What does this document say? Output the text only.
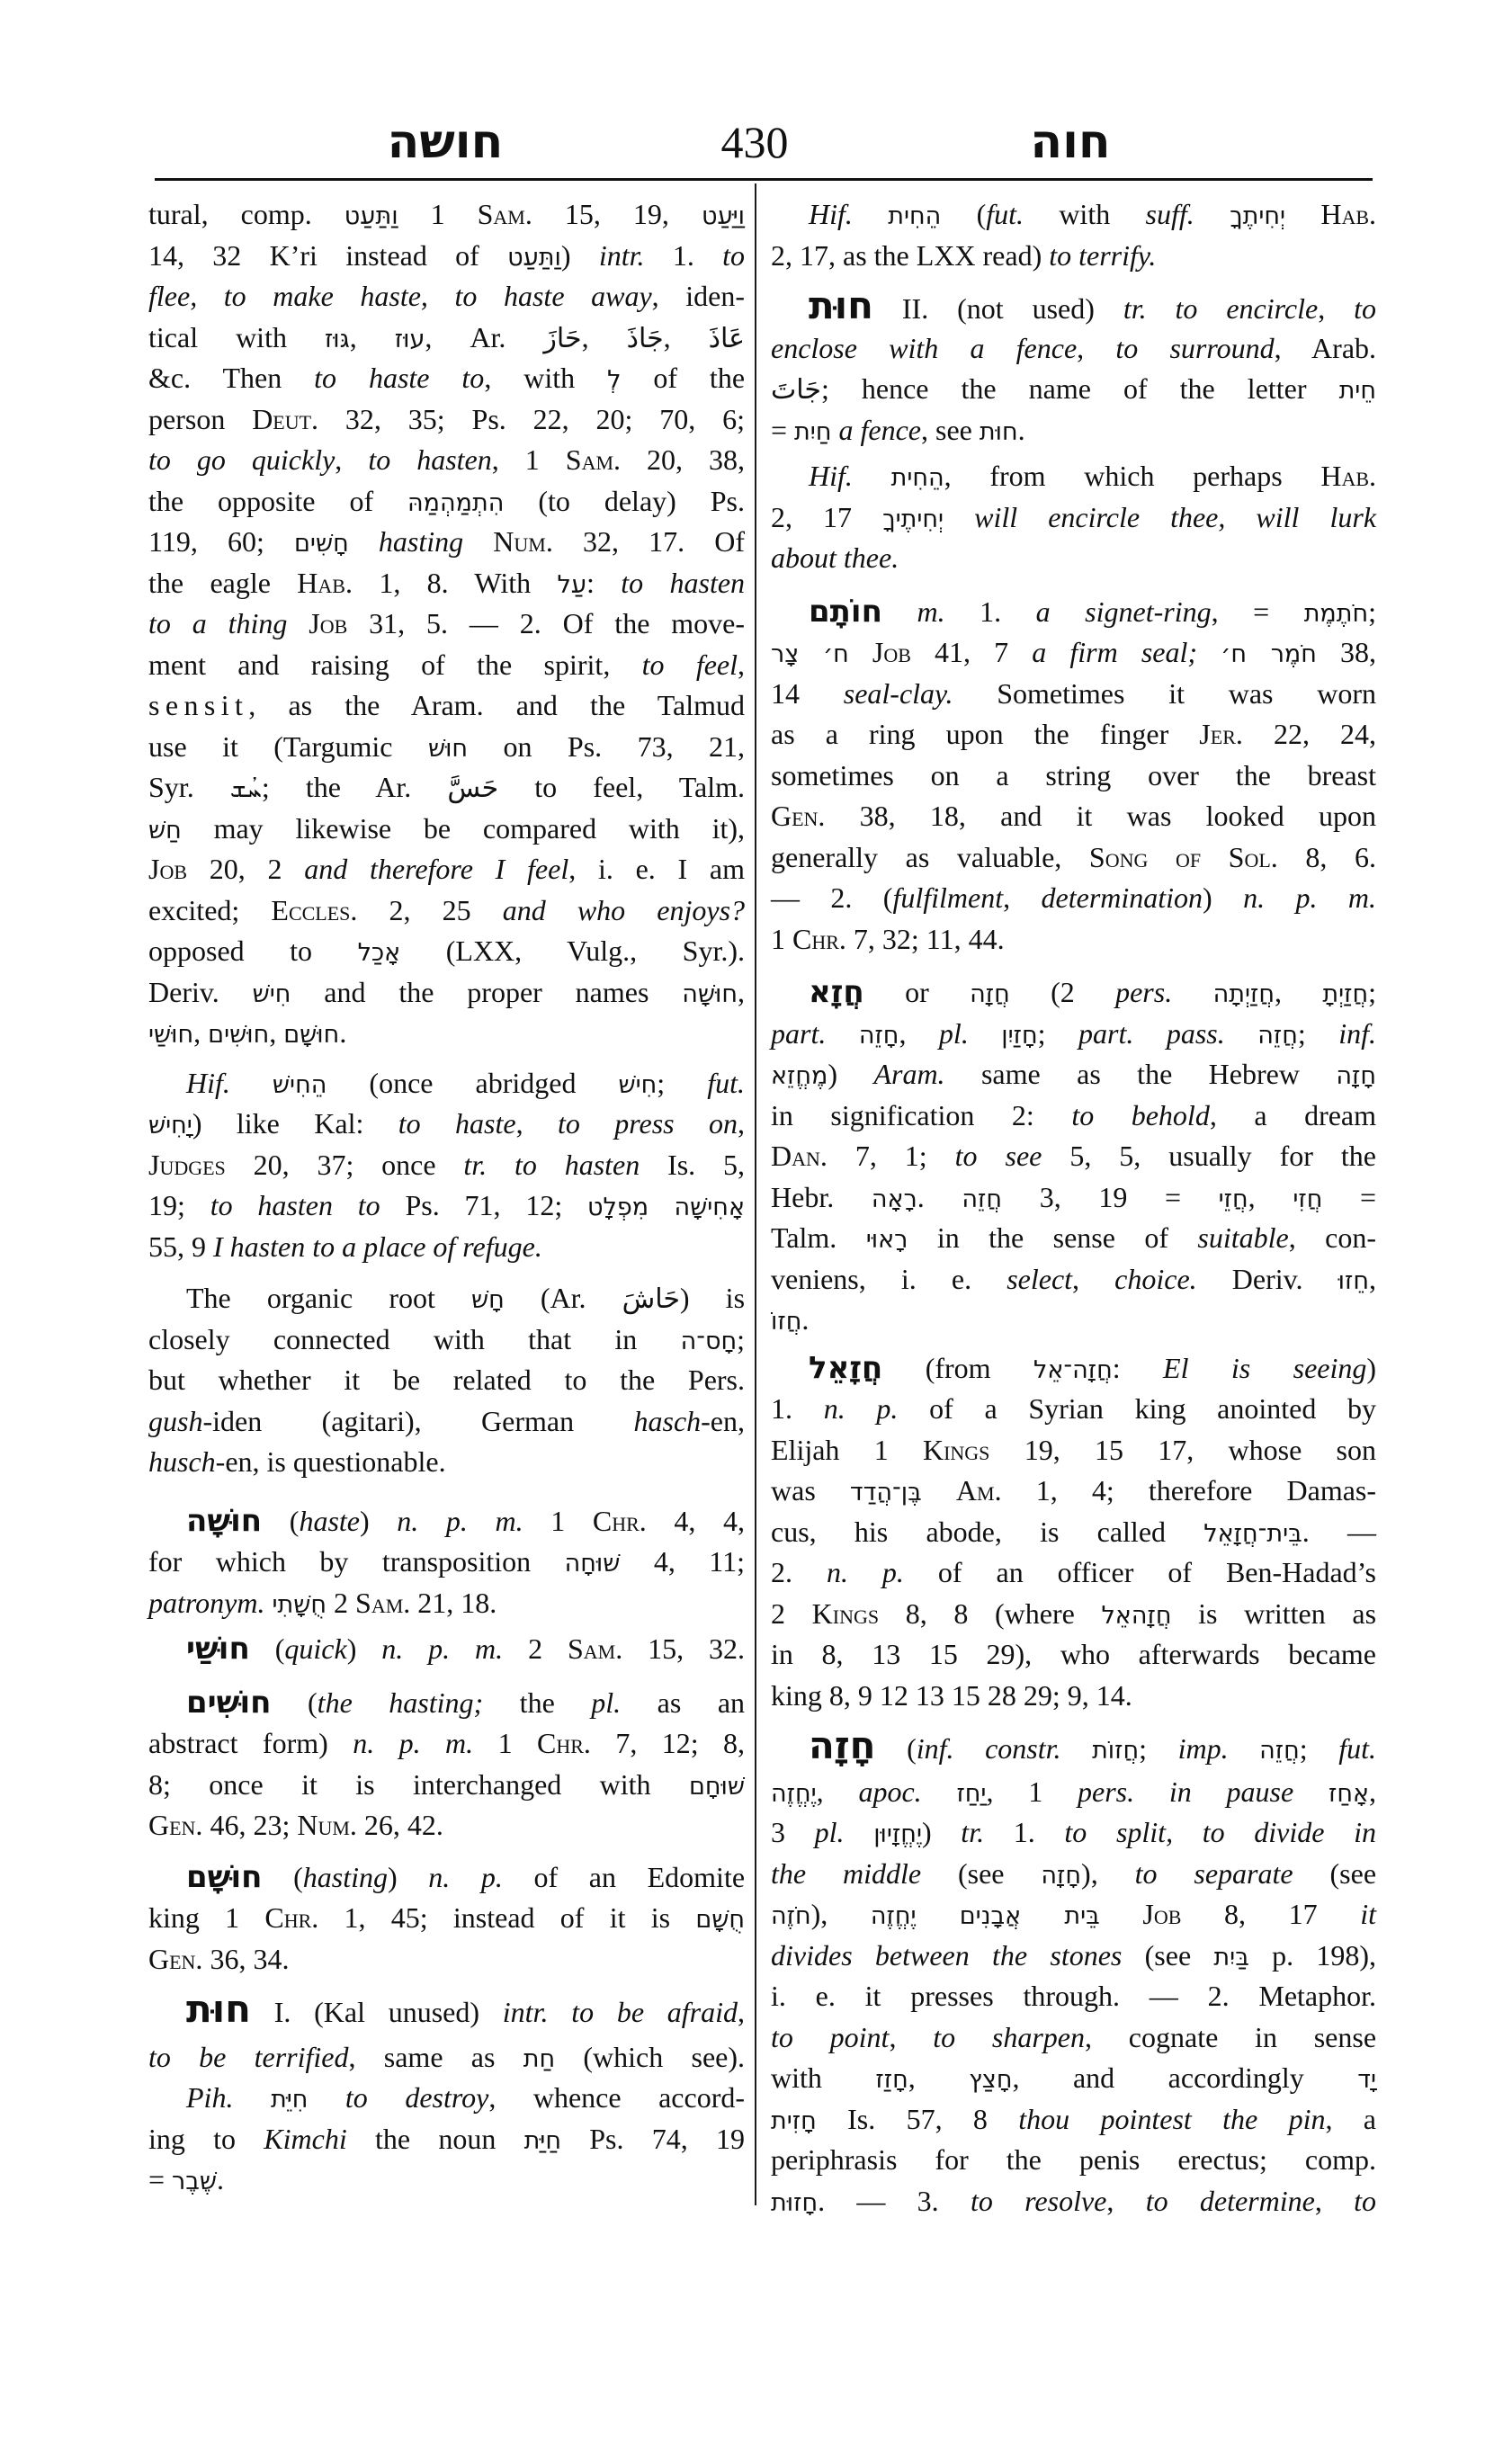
חושה	430	חוה
tural, comp. וַתַּעַט 1 Sam. 15, 19, וַיַּעַט
14, 32 K’ri instead of וַתַּעַט) intr. 1. to
flee, to make haste, to haste away, iden-
tical with גּוּז, עוּז, Ar. حَازَ, جَاذَ, عَاذَ
&c. Then to haste to, with לְ of the
person Deut. 32, 35; Ps. 22, 20; 70, 6;
to go quickly, to hasten, 1 Sam. 20, 38,
the opposite of הִתְמַהְמַהּ (to delay) Ps.
119, 60; חָשִׁים hasting Num. 32, 17. Of
the eagle Hab. 1, 8. With עַל: to hasten
to a thing Job 31, 5. — 2. Of the move-
ment and raising of the spirit, to feel,
sensit, as the Aram. and the Talmud
use it (Targumic חוּשׁ on Ps. 73, 21,
Syr. ܚܳܫ; the Ar. حَسَّ to feel, Talm.
חַשׁ may likewise be compared with it),
Job 20, 2 and therefore I feel, i. e. I am
excited; Eccles. 2, 25 and who enjoys?
opposed to אָכַל (LXX, Vulg., Syr.).
Deriv. חִישׁ and the proper names חוּשָׁה,
חוּשַׁי, חוּשִׁים, חוּשָׁם.
Hif. הֵחִישׁ (once abridged חִישׁ; fut.
יָחִישׁ) like Kal: to haste, to press on,
Judges 20, 37; once tr. to hasten Is. 5,
19; to hasten to Ps. 71, 12; אָחִישָׁה מִפְלָט
55, 9 I hasten to a place of refuge.
The organic root חָשׁ (Ar. حَاشَ) is
closely connected with that in חָס־ה;
but whether it be related to the Pers.
gush-iden (agitari), German hasch-en,
husch-en, is questionable.
חוּשָׁה (haste) n. p. m. 1 Chr. 4, 4,
for which by transposition שׁוּחָה 4, 11;
patronym. חֻשָׁתִי 2 Sam. 21, 18.
חוּשַׁי (quick) n. p. m. 2 Sam. 15, 32.
חוּשִׁים (the hasting; the pl. as an
abstract form) n. p. m. 1 Chr. 7, 12; 8,
8; once it is interchanged with שׁוּחָם
Gen. 46, 23; Num. 26, 42.
חוּשָׁם (hasting) n. p. of an Edomite
king 1 Chr. 1, 45; instead of it is חֻשָׁם
Gen. 36, 34.
חוּת I. (Kal unused) intr. to be afraid,
to be terrified, same as חַת (which see).
Pih. חִיֵּת to destroy, whence accord-
ing to Kimchi the noun חַיַּת Ps. 74, 19
= שֶׁבֶר.
Hif. הֵחִית (fut. with suff. יְחִיתֶךָ Hab.
2, 17, as the LXX read) to terrify.
חוּת II. (not used) tr. to encircle, to
enclose with a fence, to surround, Arab.
جَاتَ; hence the name of the letter חֵית
= חַיִת a fence, see חוּת.
Hif. הֵחִית, from which perhaps Hab.
2, 17 יְחִיתֶיךָ will encircle thee, will lurk
about thee.
חוֹתָם m. 1. a signet-ring, = חֹתֶמֶת;
ח׳ צָר Job 41, 7 a firm seal; חֹמֶר ח׳ 38,
14 seal-clay. Sometimes it was worn
as a ring upon the finger Jer. 22, 24,
sometimes on a string over the breast
Gen. 38, 18, and it was looked upon
generally as valuable, Song of Sol. 8, 6.
— 2. (fulfilment, determination) n. p. m.
1 Chr. 7, 32; 11, 44.
חֲזָא or חֲזָה (2 pers. חֲזַיְתָה, חֲזַיְתָ;
part. חָזֵה, pl. חָזַיִן; part. pass. חֲזֵה; inf.
מֶחֱזֵא) Aram. same as the Hebrew חָזָה
in signification 2: to behold, a dream
Dan. 7, 1; to see 5, 5, usually for the
Hebr. רָאָה. חֲזֵה 3, 19 = חֲזֵי, חֲזִי =
Talm. רָאוּי in the sense of suitable, con-
veniens, i. e. select, choice. Deriv. חֵזוּ,
חֲזוֹ.
חֲזָאֵל (from חֲזָה־אֵל: El is seeing)
1. n. p. of a Syrian king anointed by
Elijah 1 Kings 19, 15 17, whose son
was בֶּן־הֲדַד Am. 1, 4; therefore Damas-
cus, his abode, is called בֵּית־חֲזָאֵל. —
2. n. p. of an officer of Ben-Hadad’s
2 Kings 8, 8 (where חֲזָהאֵל is written as
in 8, 13 15 29), who afterwards became
king 8, 9 12 13 15 28 29; 9, 14.
חָזָה (inf. constr. חֲזוֹת; imp. חֲזֵה; fut.
יֶחֱזֶה, apoc. יַחַז, 1 pers. in pause אָחַז,
3 pl. יֶחֱזָיוּן) tr. 1. to split, to divide in
the middle (see חָזָה), to separate (see
חֹזֶה), בֵּית אֲבָנִים יֶחֱזֶה Job 8, 17 it
divides between the stones (see בַּיִת p. 198),
i. e. it presses through. — 2. Metaphor.
to point, to sharpen, cognate in sense
with חָזַז, חָצַץ, and accordingly יָד
חָזִית Is. 57, 8 thou pointest the pin, a
periphrasis for the penis erectus; comp.
חָזוּת. — 3. to resolve, to determine, to
